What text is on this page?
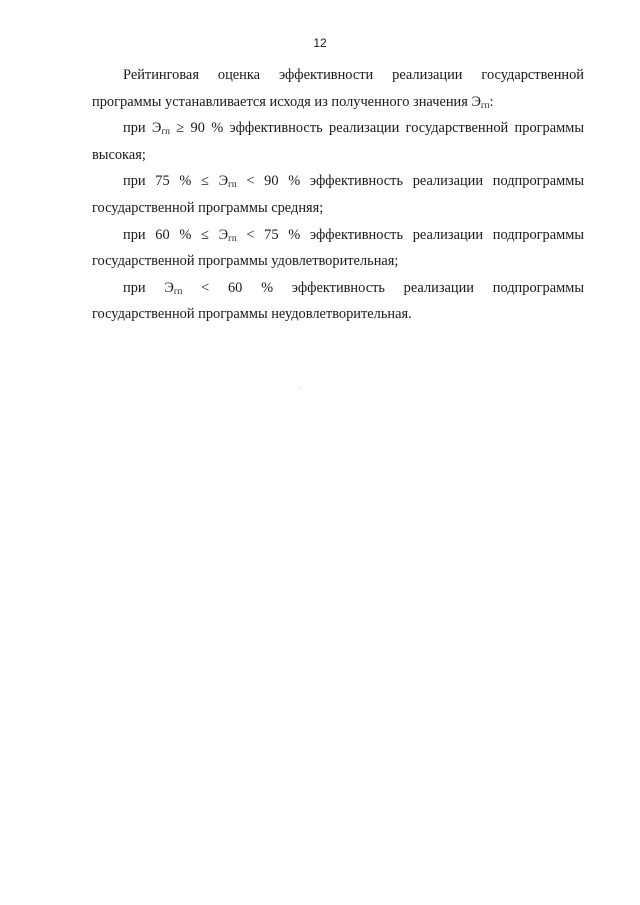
12

Рейтинговая оценка эффективности реализации государственной программы устанавливается исходя из полученного значения $Э_{гп}$:

при $Э_{гп} \ge 90$ % эффективность реализации государственной программы высокая;

при 75 % ≤ $Э_{гп} < 90$ % эффективность реализации подпрограммы государственной программы средняя;

при 60 % ≤ $Э_{гп} < 75$ % эффективность реализации подпрограммы государственной программы удовлетворительная;

при $Э_{гп} < 60$ % эффективность реализации подпрограммы государственной программы неудовлетворительная.
